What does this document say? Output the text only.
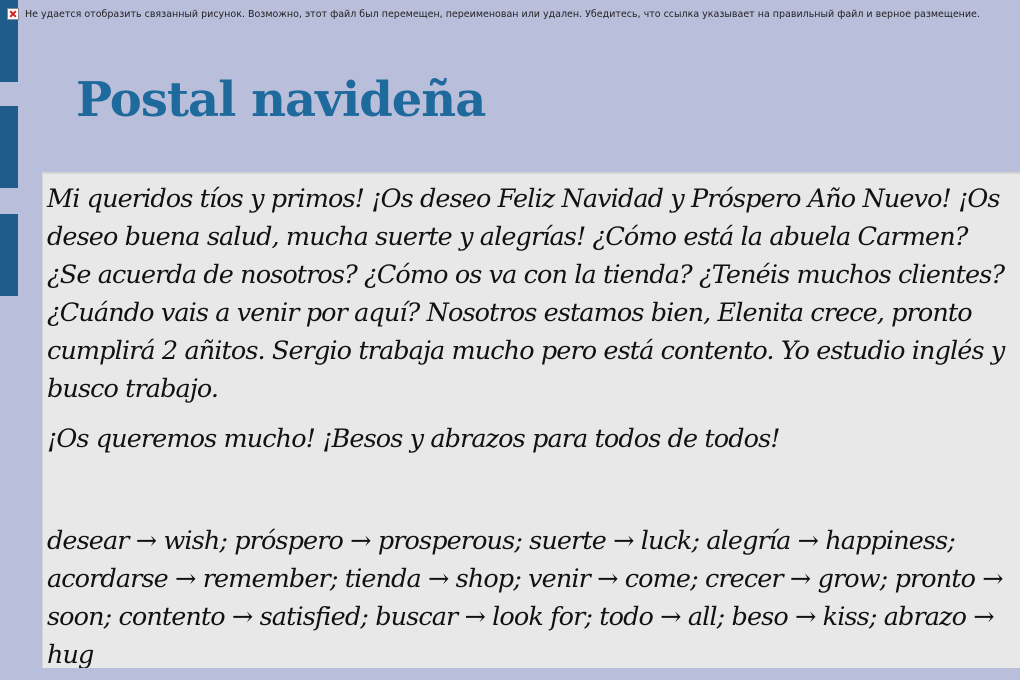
Не удается отобразить связанный рисунок. Возможно, этот файл был перемещен, переименован или удален. Убедитесь, что ссылка указывает на правильный файл и верное размещение.
Postal navideña

Mi queridos tíos y primos! ¡Os deseo Feliz Navidad y Próspero Año Nuevo! ¡Os deseo buena salud, mucha suerte y alegrías! ¿Cómo está la abuela Carmen? ¿Se acuerda de nosotros? ¿Cómo os va con la tienda? ¿Tenéis muchos clientes? ¿Cuándo vais a venir por aquí? Nosotros estamos bien, Elenita crece, pronto cumplirá 2 añitos. Sergio trabaja mucho pero está contento. Yo estudio inglés y busco trabajo.

¡Os queremos mucho! ¡Besos y abrazos para todos de todos!

desear → wish; próspero → prosperous; suerte → luck; alegría → happiness; acordarse → remember; tienda → shop; venir → come; crecer → grow; pronto → soon; contento → satisfied; buscar → look for; todo → all; beso → kiss; abrazo → hug
